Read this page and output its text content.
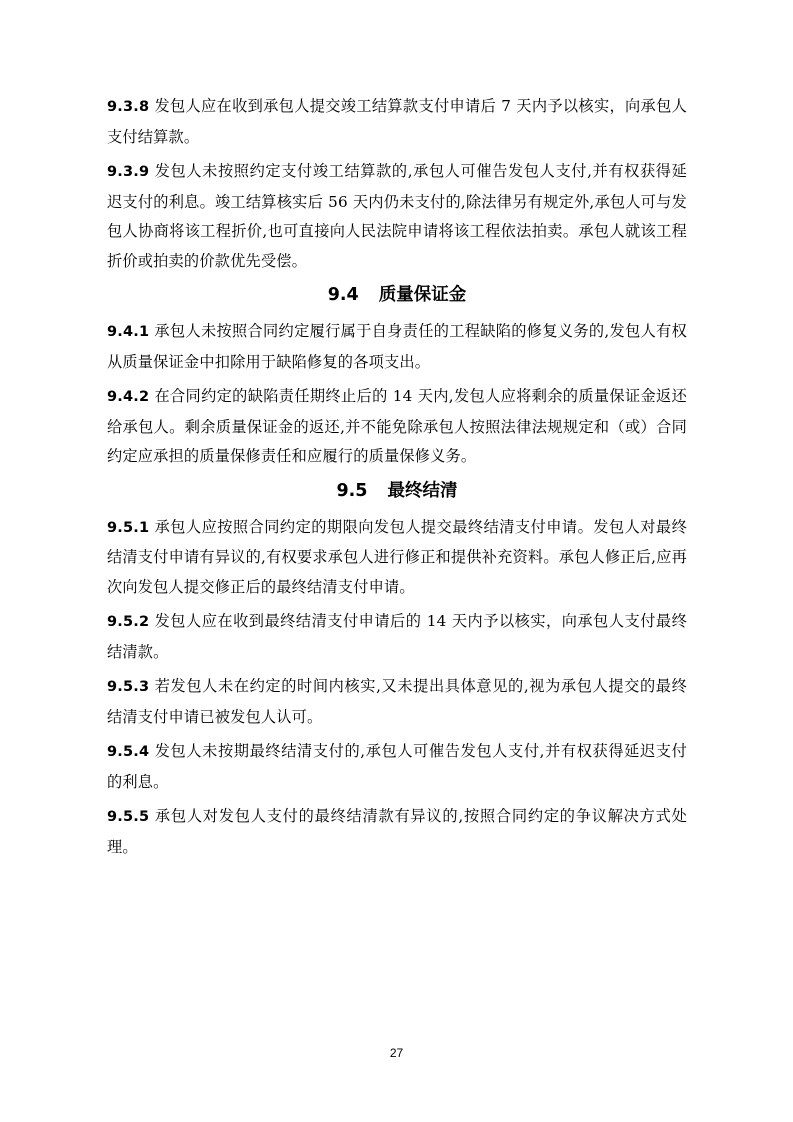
9.3.8 发包人应在收到承包人提交竣工结算款支付申请后 7 天内予以核实，向承包人支付结算款。

9.3.9 发包人未按照约定支付竣工结算款的,承包人可催告发包人支付,并有权获得延迟支付的利息。竣工结算核实后 56 天内仍未支付的,除法律另有规定外,承包人可与发包人协商将该工程折价,也可直接向人民法院申请将该工程依法拍卖。承包人就该工程折价或拍卖的价款优先受偿。

9.4 质量保证金

9.4.1 承包人未按照合同约定履行属于自身责任的工程缺陷的修复义务的,发包人有权从质量保证金中扣除用于缺陷修复的各项支出。

9.4.2 在合同约定的缺陷责任期终止后的 14 天内,发包人应将剩余的质量保证金返还给承包人。剩余质量保证金的返还,并不能免除承包人按照法律法规规定和（或）合同约定应承担的质量保修责任和应履行的质量保修义务。

9.5 最终结清

9.5.1 承包人应按照合同约定的期限向发包人提交最终结清支付申请。发包人对最终结清支付申请有异议的,有权要求承包人进行修正和提供补充资料。承包人修正后,应再次向发包人提交修正后的最终结清支付申请。

9.5.2 发包人应在收到最终结清支付申请后的 14 天内予以核实，向承包人支付最终结清款。

9.5.3 若发包人未在约定的时间内核实,又未提出具体意见的,视为承包人提交的最终结清支付申请已被发包人认可。

9.5.4 发包人未按期最终结清支付的,承包人可催告发包人支付,并有权获得延迟支付的利息。

9.5.5 承包人对发包人支付的最终结清款有异议的,按照合同约定的争议解决方式处理。

27
